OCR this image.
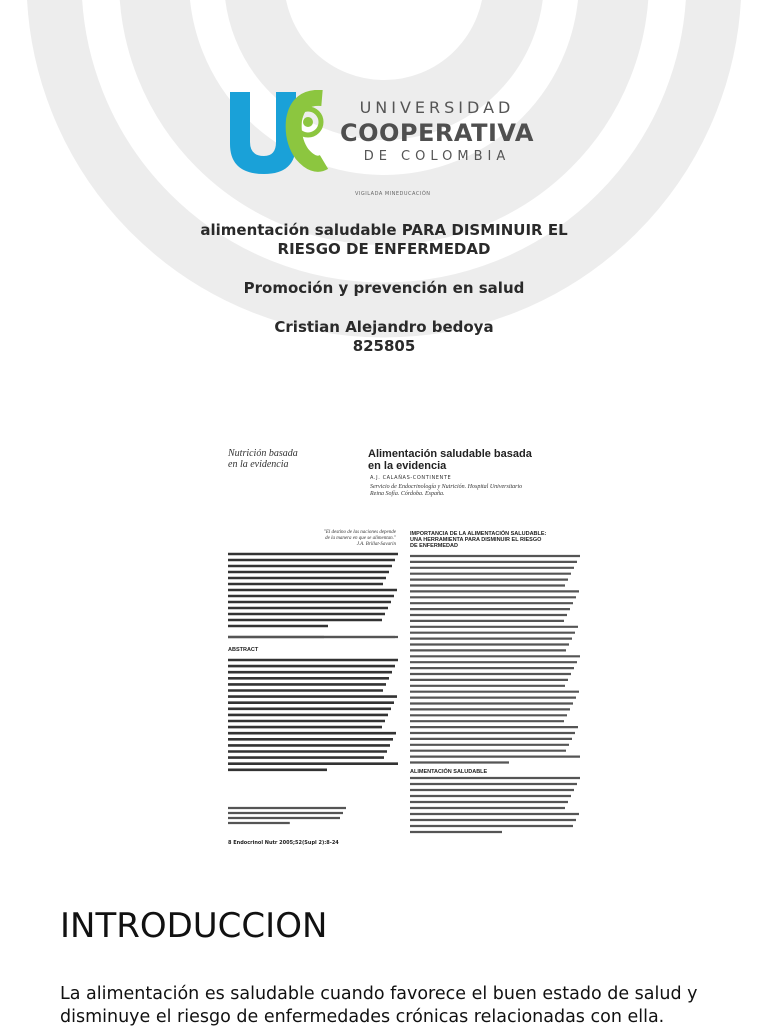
UNIVERSIDAD
COOPERATIVA
DE COLOMBIA
VIGILADA MINEDUCACIÓN
alimentación saludable PARA DISMINUIR EL
RIESGO DE ENFERMEDAD
Promoción y prevención en salud
Cristian Alejandro bedoya
825805
Nutrición basada
en la evidencia
Alimentación saludable basada
en la evidencia
A.J. CALAÑAS-CONTINENTE
Servicio de Endocrinología y Nutrición. Hospital Universitario
Reina Sofía. Córdoba. España.
"El destino de las naciones depende
de la manera en que se alimentan."
J.A. Brillat-Savarin
IMPORTANCIA DE LA ALIMENTACIÓN SALUDABLE:
UNA HERRAMIENTA PARA DISMINUIR EL RIESGO
DE ENFERMEDAD
ABSTRACT
ALIMENTACIÓN SALUDABLE
8 Endocrinol Nutr 2005;52(Supl 2):8-24
INTRODUCCION

La alimentación es saludable cuando favorece el buen estado de salud y
disminuye el riesgo de enfermedades crónicas relacionadas con ella.
